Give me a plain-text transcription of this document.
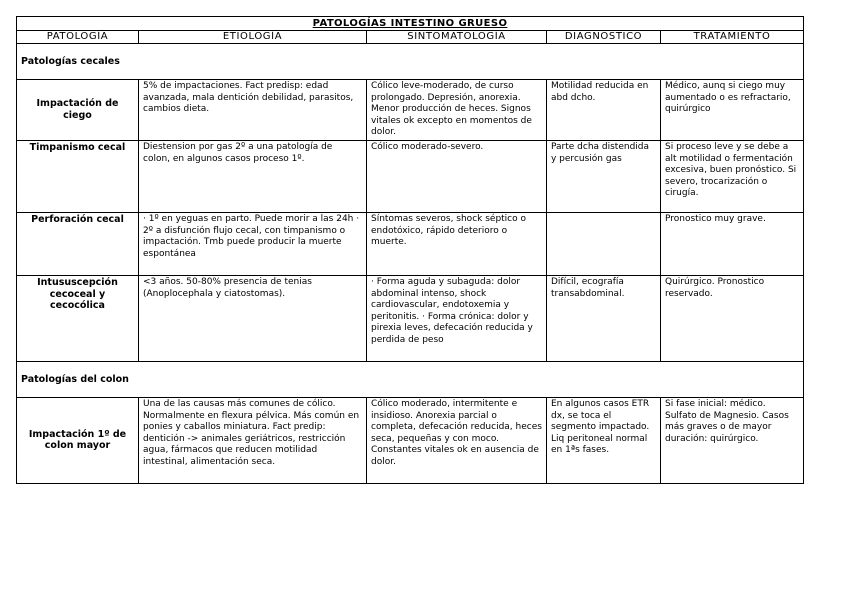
PATOLOGÍAS INTESTINO GRUESO				
PATOLOGÍA	ETIOLOGÍA	SINTOMATOLOGÍA	DIAGNÓSTICO	TRATAMIENTO
Patologías cecales				
Impactación de ciego	5% de impactaciones. Fact predisp: edad avanzada, mala dentición debilidad, parasitos, cambios dieta.	Cólico leve-moderado, de curso prolongado. Depresión, anorexia. Menor producción de heces. Signos vitales ok excepto en momentos de dolor.	Motilidad reducida en abd dcho.	Médico, aunq si ciego muy aumentado o es refractario, quirúrgico
Timpanismo cecal	Diestension por gas 2º a una patología de colon, en algunos casos proceso 1º.	Cólico moderado-severo.	Parte dcha distendida y percusión gas	Si proceso leve y se debe a alt motilidad o fermentación excesiva, buen pronóstico. Si severo, trocarización o cirugía.
Perforación cecal	· 1º en yeguas en parto. Puede morir a las 24h · 2º a disfunción flujo cecal, con timpanismo o impactación. Tmb puede producir la muerte espontánea	Síntomas severos, shock séptico o endotóxico, rápido deterioro o muerte.		Pronostico muy grave.
Intususcepción cecoceal y cecocólica	<3 años. 50-80% presencia de tenias (Anoplocephala y ciatostomas).	· Forma aguda y subaguda: dolor abdominal intenso, shock cardiovascular, endotoxemia y peritonitis. · Forma crónica: dolor y pirexia leves, defecación reducida y perdida de peso	Difícil, ecografía transabdominal.	Quirúrgico. Pronostico reservado.
Patologías del colon				
Impactación 1º de colon mayor	Una de las causas más comunes de cólico. Normalmente en flexura pélvica. Más común en ponies y caballos miniatura. Fact predip: dentición -> animales geriátricos, restricción agua, fármacos que reducen motilidad intestinal, alimentación seca.	Cólico moderado, intermitente e insidioso. Anorexia parcial o completa, defecación reducida, heces seca, pequeñas y con moco. Constantes vitales ok en ausencia de dolor.	En algunos casos ETR dx, se toca el segmento impactado. Liq peritoneal normal en 1ªs fases.	Si fase inicial: médico. Sulfato de Magnesio. Casos más graves o de mayor duración: quirúrgico.
